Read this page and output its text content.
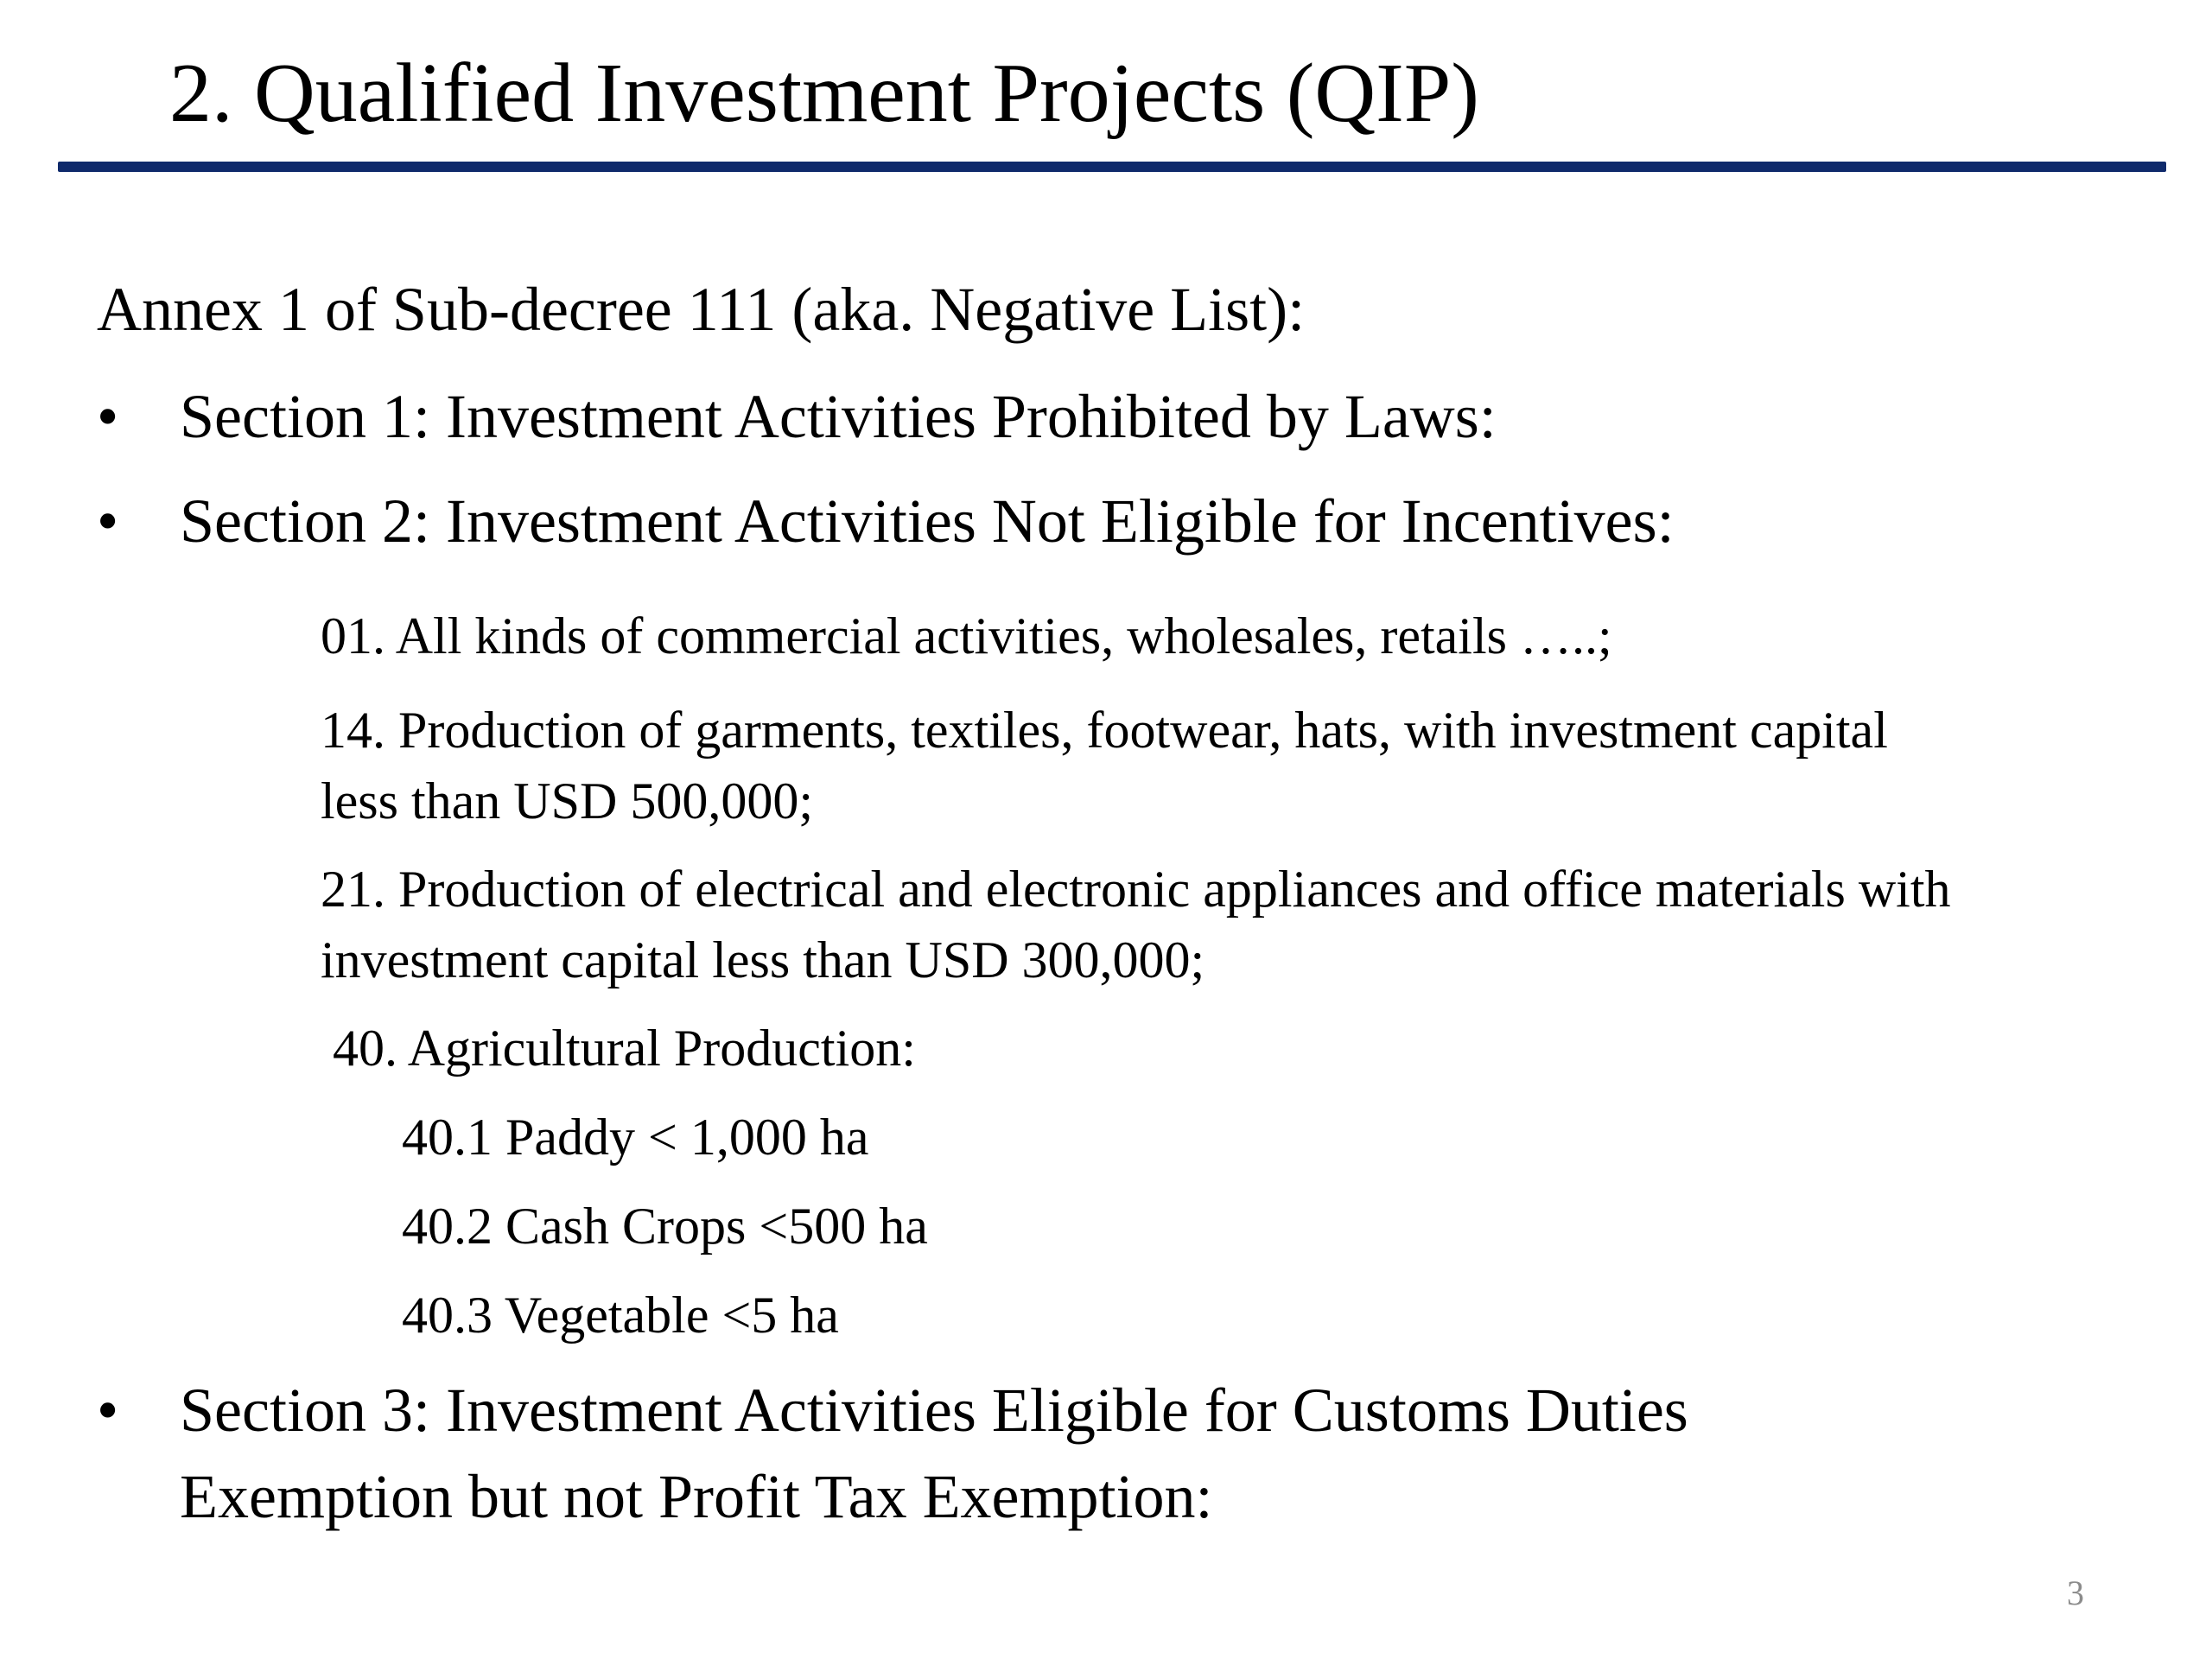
2. Qualified Investment Projects (QIP)

Annex 1 of Sub-decree 111 (aka. Negative List):

• Section 1: Investment Activities Prohibited by Laws:
• Section 2: Investment Activities Not Eligible for Incentives:
01. All kinds of commercial activities, wholesales, retails …..;
14. Production of garments, textiles, footwear, hats, with investment capital
less than USD 500,000;
21. Production of electrical and electronic appliances and office materials with
investment capital less than USD 300,000;
40. Agricultural Production:
40.1 Paddy < 1,000 ha
40.2 Cash Crops <500 ha
40.3 Vegetable <5 ha
• Section 3: Investment Activities Eligible for Customs Duties
Exemption but not Profit Tax Exemption:
3
